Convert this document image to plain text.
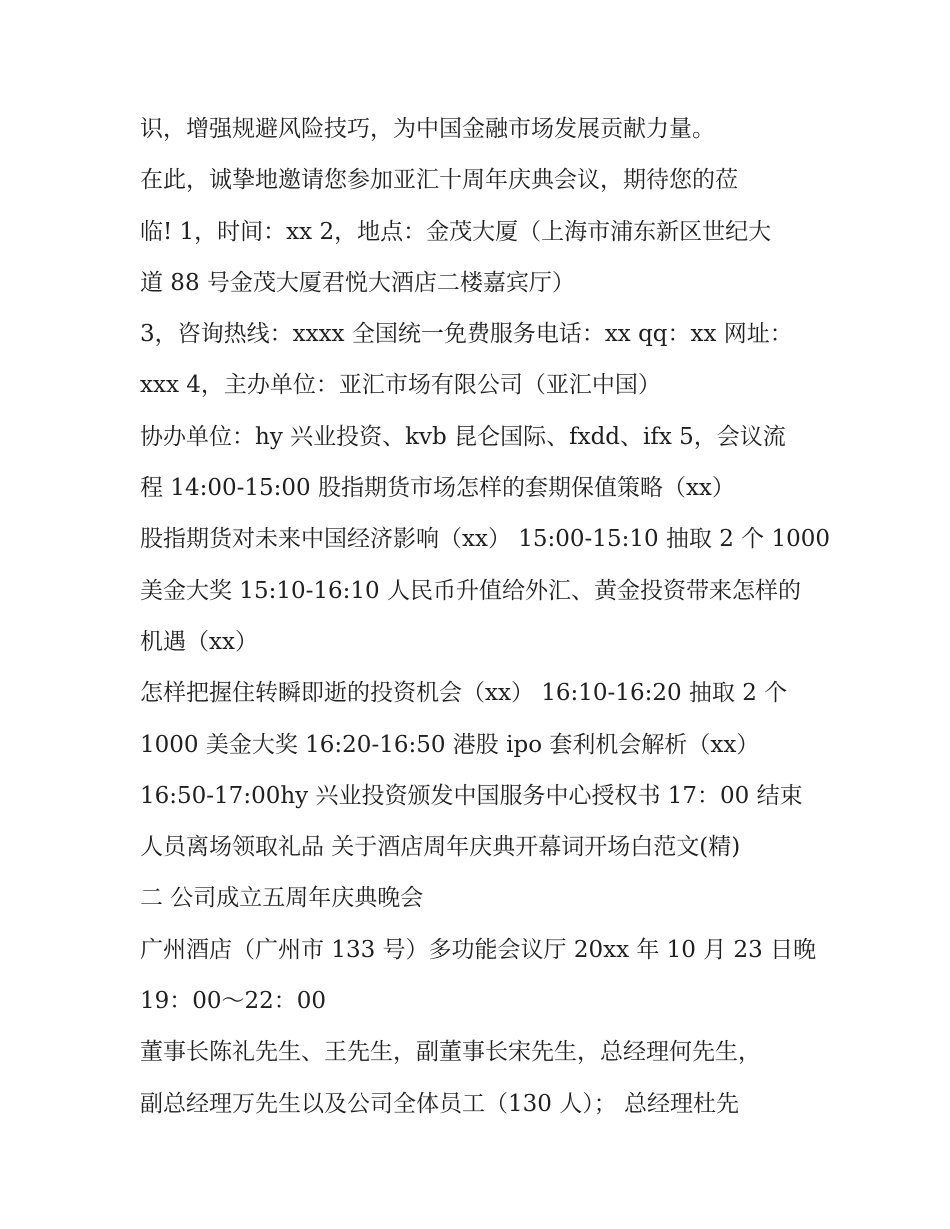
识，增强规避风险技巧，为中国金融市场发展贡献力量。
在此，诚挚地邀请您参加亚汇十周年庆典会议，期待您的莅
临! 1，时间：xx 2，地点：金茂大厦（上海市浦东新区世纪大
道 88 号金茂大厦君悦大酒店二楼嘉宾厅）
3，咨询热线：xxxx 全国统一免费服务电话：xx qq：xx 网址：
xxx 4，主办单位：亚汇市场有限公司（亚汇中国）
协办单位：hy 兴业投资、kvb 昆仑国际、fxdd、ifx 5，会议流
程 14:00-15:00 股指期货市场怎样的套期保值策略（xx）
股指期货对未来中国经济影响（xx） 15:00-15:10 抽取 2 个 1000
美金大奖 15:10-16:10 人民币升值给外汇、黄金投资带来怎样的
机遇（xx）
怎样把握住转瞬即逝的投资机会（xx） 16:10-16:20 抽取 2 个
1000 美金大奖 16:20-16:50 港股 ipo 套利机会解析（xx）
16:50-17:00hy 兴业投资颁发中国服务中心授权书 17：00 结束
人员离场领取礼品 关于酒店周年庆典开幕词开场白范文(精)
二 公司成立五周年庆典晚会
广州酒店（广州市 133 号）多功能会议厅 20xx 年 10 月 23 日晚
19：00～22：00
董事长陈礼先生、王先生，副董事长宋先生，总经理何先生，
副总经理万先生以及公司全体员工（130 人）； 总经理杜先
